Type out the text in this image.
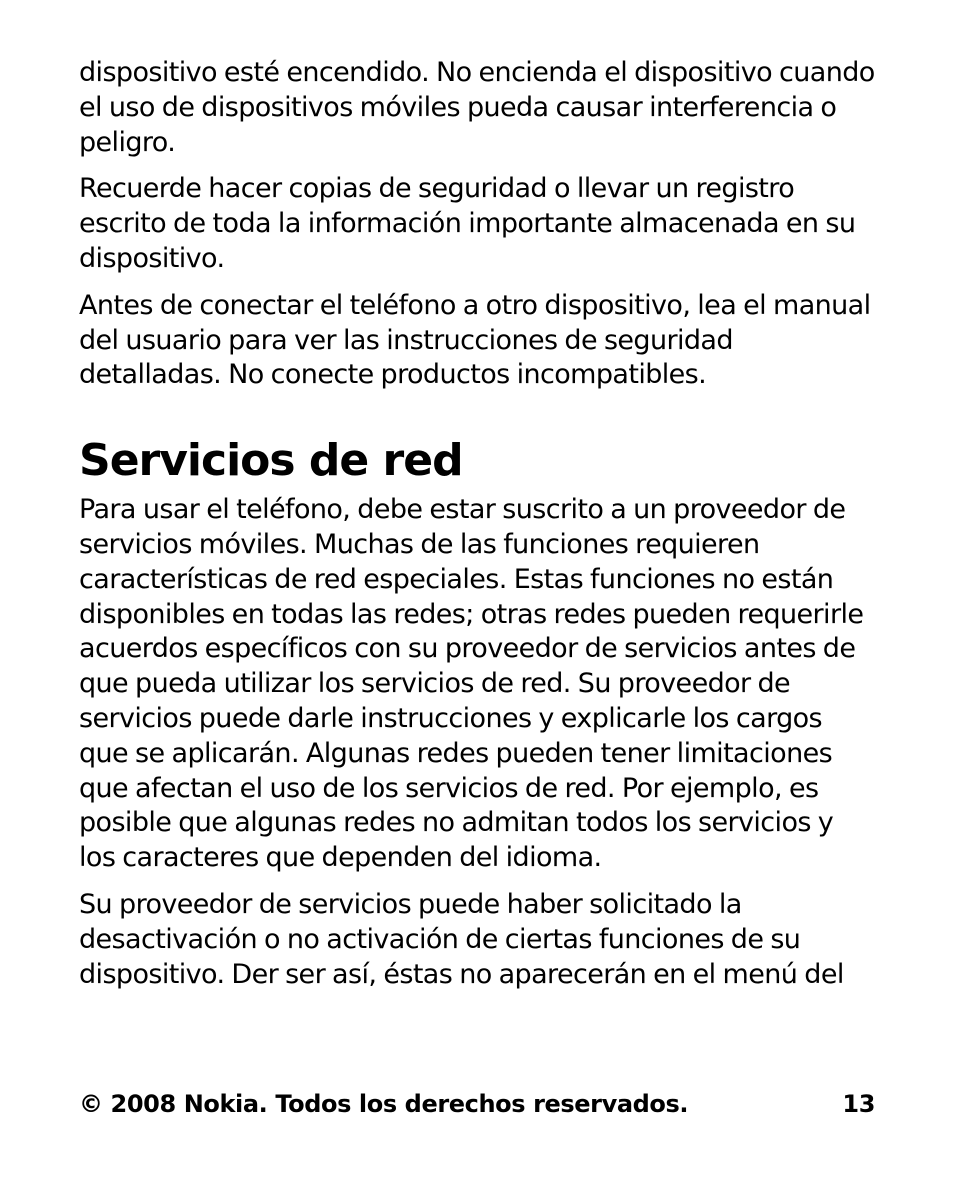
dispositivo esté encendido. No encienda el dispositivo cuando el uso de dispositivos móviles pueda causar interferencia o peligro.

Recuerde hacer copias de seguridad o llevar un registro escrito de toda la información importante almacenada en su dispositivo.

Antes de conectar el teléfono a otro dispositivo, lea el manual del usuario para ver las instrucciones de seguridad detalladas. No conecte productos incompatibles.

Servicios de red

Para usar el teléfono, debe estar suscrito a un proveedor de servicios móviles. Muchas de las funciones requieren características de red especiales. Estas funciones no están disponibles en todas las redes; otras redes pueden requerirle acuerdos específicos con su proveedor de servicios antes de que pueda utilizar los servicios de red. Su proveedor de servicios puede darle instrucciones y explicarle los cargos que se aplicarán. Algunas redes pueden tener limitaciones que afectan el uso de los servicios de red. Por ejemplo, es posible que algunas redes no admitan todos los servicios y los caracteres que dependen del idioma.

Su proveedor de servicios puede haber solicitado la desactivación o no activación de ciertas funciones de su dispositivo. Der ser así, éstas no aparecerán en el menú del

© 2008 Nokia. Todos los derechos reservados.	13
